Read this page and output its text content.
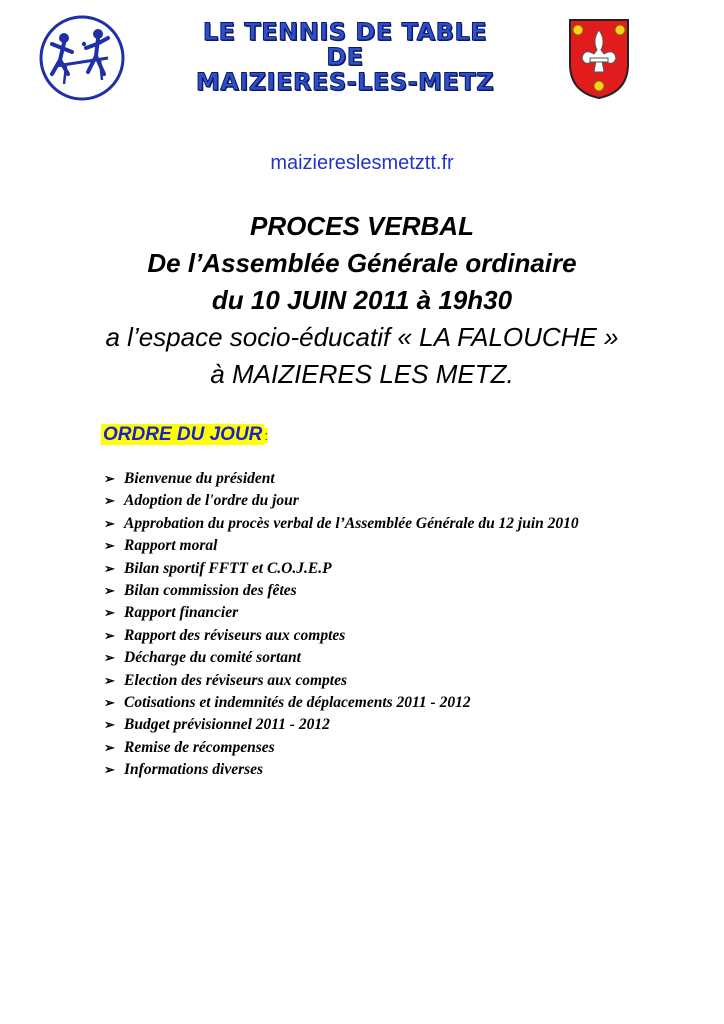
LE TENNIS DE TABLE
DE
MAIZIERES-LES-METZ
maiziereslesmetztt.fr
PROCES VERBAL
De l’Assemblée Générale ordinaire
du 10 JUIN 2011 à 19h30
a l’espace socio-éducatif « LA FALOUCHE »
à MAIZIERES LES METZ.
ORDRE DU JOUR :
➢ Bienvenue du président
➢ Adoption de l'ordre du jour
➢ Approbation du procès verbal de l’Assemblée Générale du 12 juin 2010
➢ Rapport moral
➢ Bilan sportif FFTT et C.O.J.E.P
➢ Bilan commission des fêtes
➢ Rapport financier
➢ Rapport des réviseurs aux comptes
➢ Décharge du comité sortant
➢ Election des réviseurs aux comptes
➢ Cotisations et indemnités de déplacements 2011 - 2012
➢ Budget prévisionnel 2011 - 2012
➢ Remise de récompenses
➢ Informations diverses
